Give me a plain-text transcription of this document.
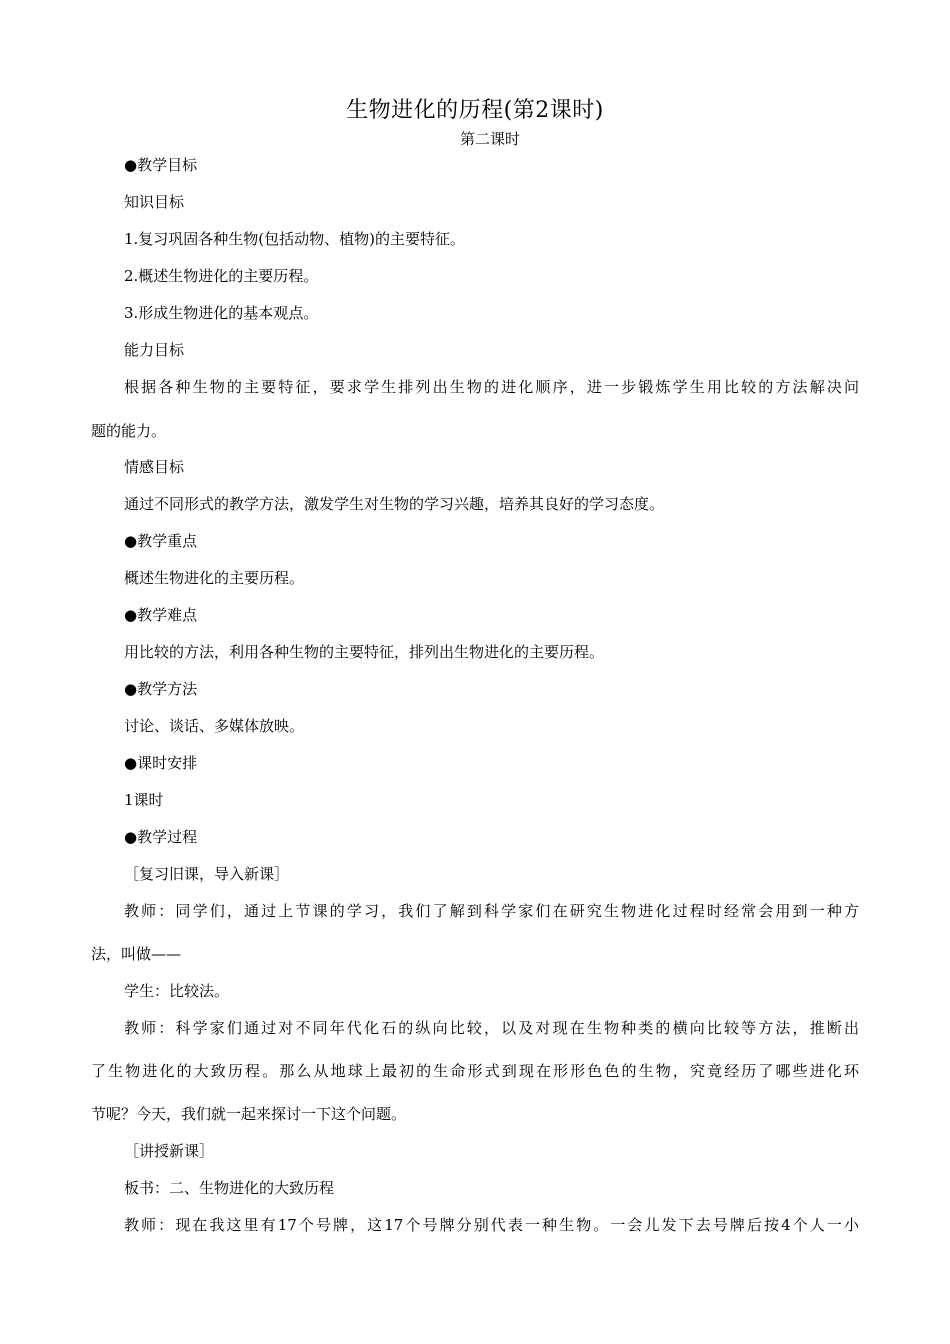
生物进化的历程(第2课时)
第二课时
●教学目标
知识目标
1.复习巩固各种生物(包括动物、植物)的主要特征。
2.概述生物进化的主要历程。
3.形成生物进化的基本观点。
能力目标
根据各种生物的主要特征，要求学生排列出生物的进化顺序，进一步锻炼学生用比较的方法解决问
题的能力。
情感目标
通过不同形式的教学方法，激发学生对生物的学习兴趣，培养其良好的学习态度。
●教学重点
概述生物进化的主要历程。
●教学难点
用比较的方法，利用各种生物的主要特征，排列出生物进化的主要历程。
●教学方法
讨论、谈话、多媒体放映。
●课时安排
1课时
●教学过程
［复习旧课，导入新课］
教师：同学们，通过上节课的学习，我们了解到科学家们在研究生物进化过程时经常会用到一种方
法，叫做——
学生：比较法。
教师：科学家们通过对不同年代化石的纵向比较，以及对现在生物种类的横向比较等方法，推断出
了生物进化的大致历程。那么从地球上最初的生命形式到现在形形色色的生物，究竟经历了哪些进化环
节呢？今天，我们就一起来探讨一下这个问题。
［讲授新课］
板书：二、生物进化的大致历程
教师：现在我这里有17个号牌，这17个号牌分别代表一种生物。一会儿发下去号牌后按4个人一小
